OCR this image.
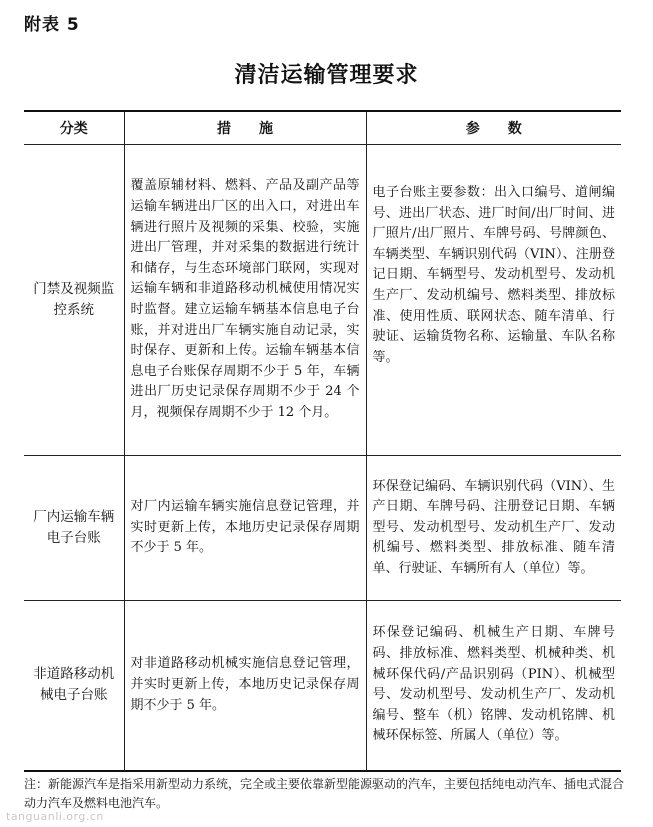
附表 5
清洁运输管理要求
分类	措　　施	参　　数
门禁及视频监控系统	覆盖原辅材料、燃料、产品及副产品等运输车辆进出厂区的出入口，对进出车辆进行照片及视频的采集、校验，实施进出厂管理，并对采集的数据进行统计和储存，与生态环境部门联网，实现对运输车辆和非道路移动机械使用情况实时监督。建立运输车辆基本信息电子台账，并对进出厂车辆实施自动记录，实时保存、更新和上传。运输车辆基本信息电子台账保存周期不少于 5 年，车辆进出厂历史记录保存周期不少于 24 个月，视频保存周期不少于 12 个月。	电子台账主要参数：出入口编号、道闸编号、进出厂状态、进厂时间/出厂时间、进厂照片/出厂照片、车牌号码、号牌颜色、车辆类型、车辆识别代码（VIN）、注册登记日期、车辆型号、发动机型号、发动机生产厂、发动机编号、燃料类型、排放标准、使用性质、联网状态、随车清单、行驶证、运输货物名称、运输量、车队名称等。
厂内运输车辆电子台账	对厂内运输车辆实施信息登记管理，并实时更新上传，本地历史记录保存周期不少于 5 年。	环保登记编码、车辆识别代码（VIN）、生产日期、车牌号码、注册登记日期、车辆型号、发动机型号、发动机生产厂、发动机编号、燃料类型、排放标准、随车清单、行驶证、车辆所有人（单位）等。
非道路移动机械电子台账	对非道路移动机械实施信息登记管理，并实时更新上传，本地历史记录保存周期不少于 5 年。	环保登记编码、机械生产日期、车牌号码、排放标准、燃料类型、机械种类、机械环保代码/产品识别码（PIN）、机械型号、发动机型号、发动机生产厂、发动机编号、整车（机）铭牌、发动机铭牌、机械环保标签、所属人（单位）等。
注：新能源汽车是指采用新型动力系统，完全或主要依靠新型能源驱动的汽车，主要包括纯电动汽车、插电式混合动力汽车及燃料电池汽车。
tanguanli.org.cn
